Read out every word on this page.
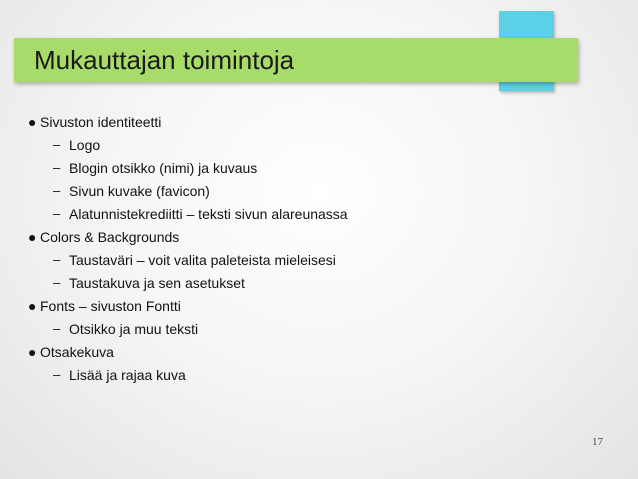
Mukauttajan toimintoja
● Sivuston identiteetti
– Logo
– Blogin otsikko (nimi) ja kuvaus
– Sivun kuvake (favicon)
– Alatunnistekrediitti – teksti sivun alareunassa
● Colors & Backgrounds
– Taustaväri – voit valita paleteista mieleisesi
– Taustakuva ja sen asetukset
● Fonts – sivuston Fontti
– Otsikko ja muu teksti
● Otsakekuva
– Lisää ja rajaa kuva
17
